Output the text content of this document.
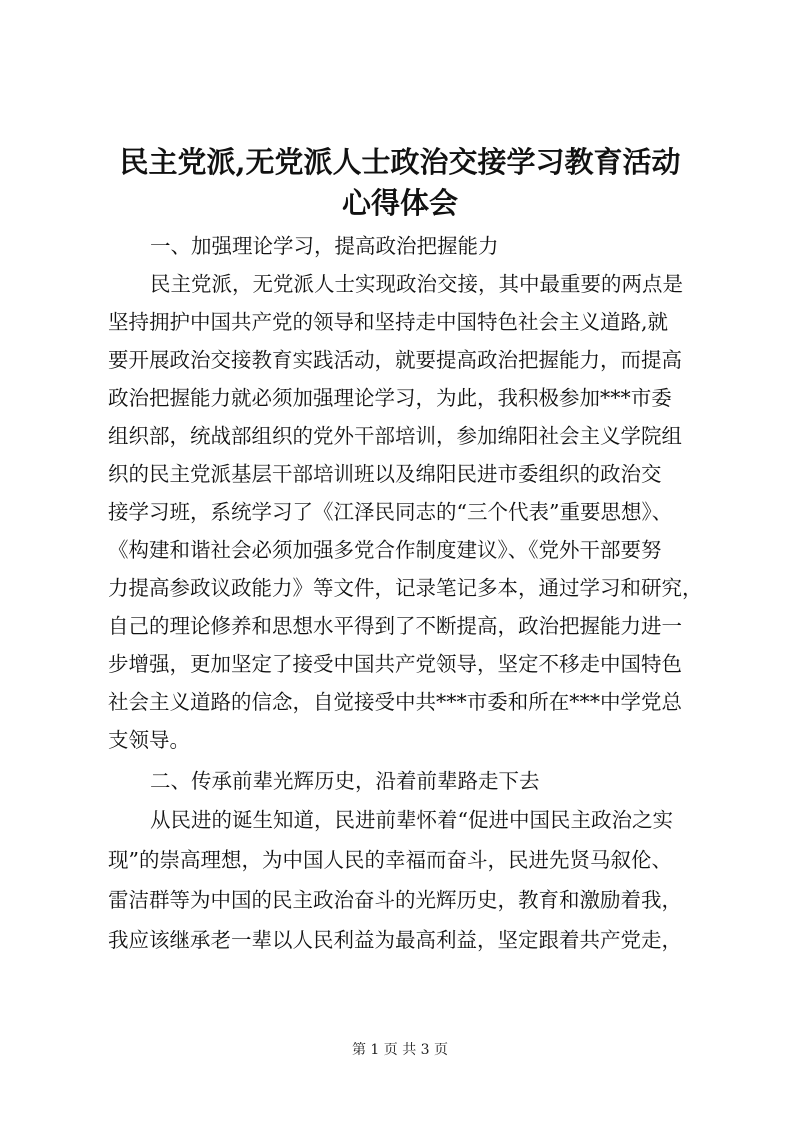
民主党派,无党派人士政治交接学习教育活动
心得体会

一、加强理论学习，提高政治把握能力

民主党派，无党派人士实现政治交接，其中最重要的两点是

坚持拥护中国共产党的领导和坚持走中国特色社会主义道路,就

要开展政治交接教育实践活动，就要提高政治把握能力，而提高

政治把握能力就必须加强理论学习，为此，我积极参加***市委

组织部，统战部组织的党外干部培训，参加绵阳社会主义学院组

织的民主党派基层干部培训班以及绵阳民进市委组织的政治交

接学习班，系统学习了《江泽民同志的“三个代表”重要思想》、

《构建和谐社会必须加强多党合作制度建议》、《党外干部要努

力提高参政议政能力》等文件，记录笔记多本，通过学习和研究，

自己的理论修养和思想水平得到了不断提高，政治把握能力进一

步增强，更加坚定了接受中国共产党领导，坚定不移走中国特色

社会主义道路的信念，自觉接受中共***市委和所在***中学党总

支领导。

二、传承前辈光辉历史，沿着前辈路走下去

从民进的诞生知道，民进前辈怀着“促进中国民主政治之实

现”的崇高理想，为中国人民的幸福而奋斗，民进先贤马叙伦、

雷洁群等为中国的民主政治奋斗的光辉历史，教育和激励着我，

我应该继承老一辈以人民利益为最高利益，坚定跟着共产党走，

第 1 页 共 3 页
